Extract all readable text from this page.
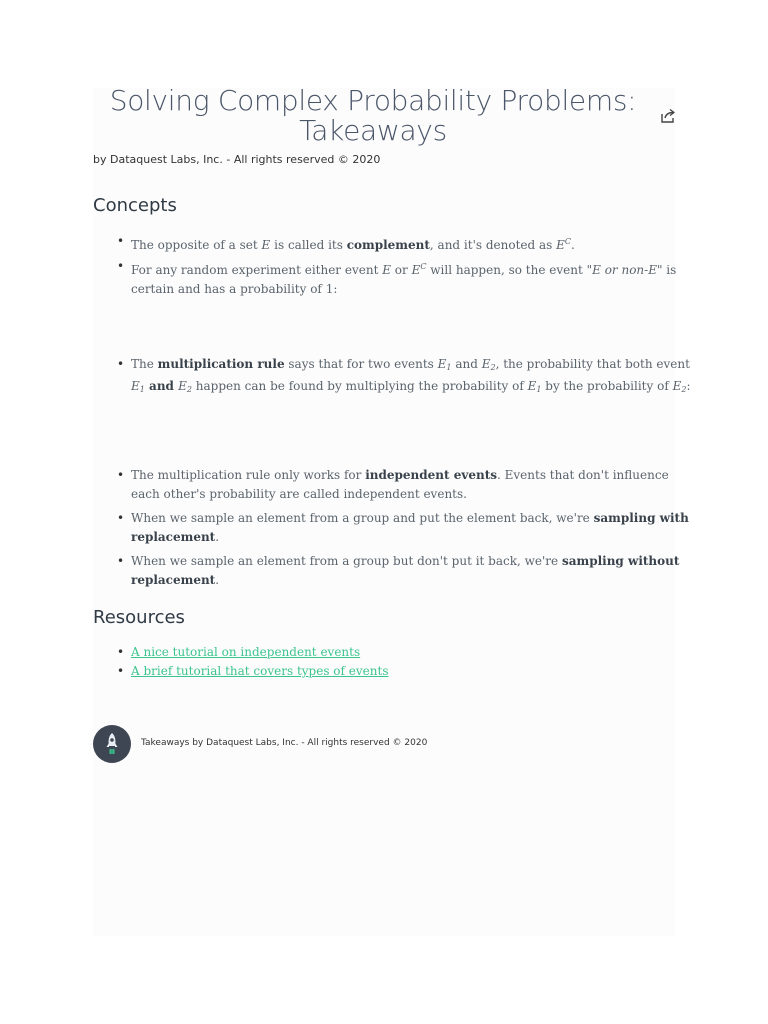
Solving Complex Probability Problems: Takeaways

by Dataquest Labs, Inc. - All rights reserved © 2020

Concepts
• The opposite of a set E is called its complement, and it's denoted as $E^C$.
• For any random experiment either event E or $E^C$ will happen, so the event "E or non-E" is certain and has a probability of 1:
• The multiplication rule says that for two events $E_1$ and $E_2$, the probability that both event $E_1$ and $E_2$ happen can be found by multiplying the probability of $E_1$ by the probability of $E_2$:
• The multiplication rule only works for independent events. Events that don't influence each other's probability are called independent events.
• When we sample an element from a group and put the element back, we're sampling with replacement.
• When we sample an element from a group but don't put it back, we're sampling without replacement.
Resources
• A nice tutorial on independent events
• A brief tutorial that covers types of events

Takeaways by Dataquest Labs, Inc. - All rights reserved © 2020
